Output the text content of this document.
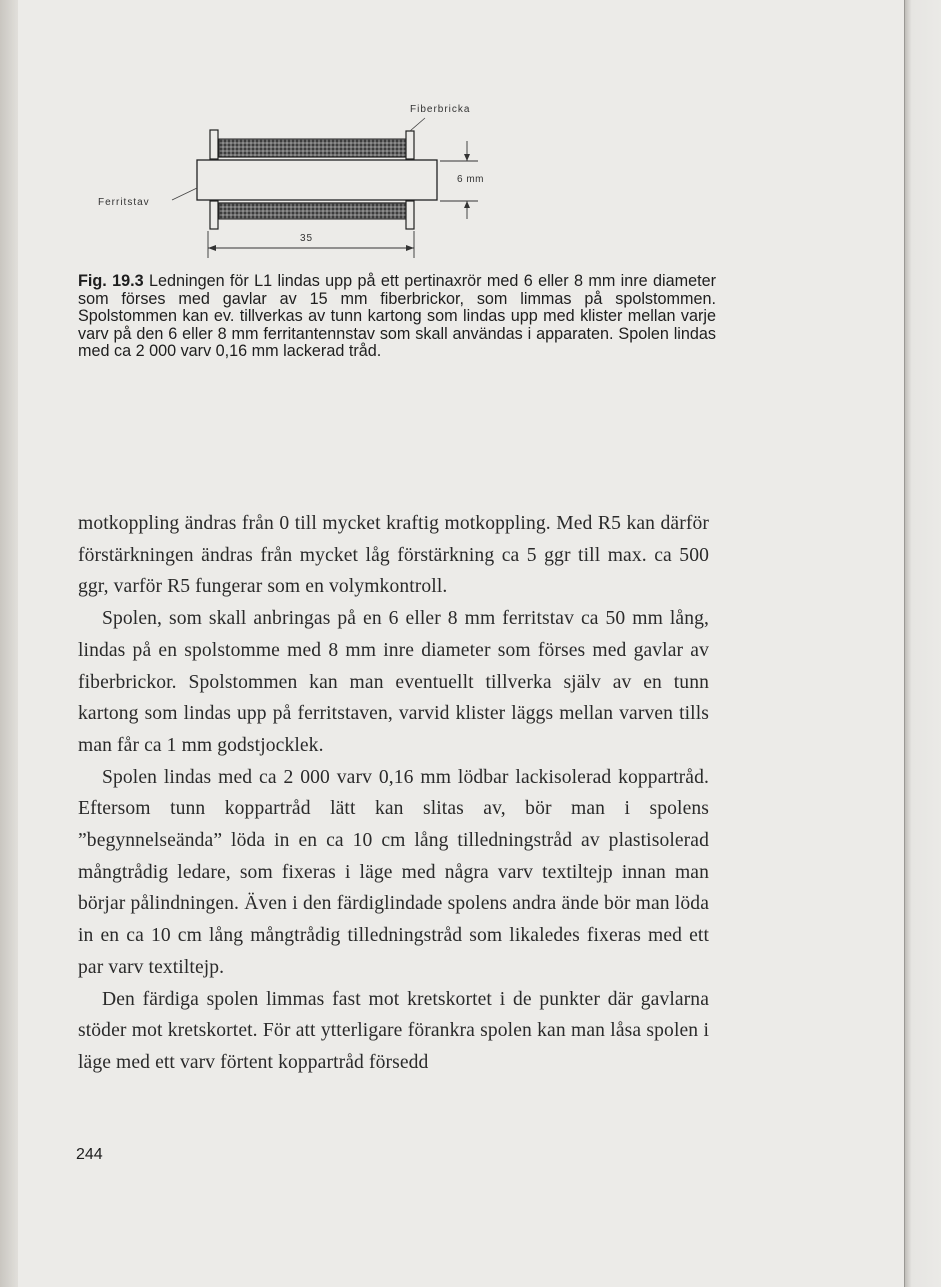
Fiberbricka
Ferritstav
6 mm
35
Fig. 19.3 Ledningen för L1 lindas upp på ett pertinaxrör med 6 eller 8 mm inre diameter som förses med gavlar av 15 mm fiberbrickor, som limmas på spolstommen. Spolstommen kan ev. tillverkas av tunn kartong som lindas upp med klister mellan varje varv på den 6 eller 8 mm ferritantennstav som skall användas i apparaten. Spolen lindas med ca 2 000 varv 0,16 mm lackerad tråd.

motkoppling ändras från 0 till mycket kraftig motkoppling. Med R5 kan därför förstärkningen ändras från mycket låg förstärkning ca 5 ggr till max. ca 500 ggr, varför R5 fungerar som en volymkontroll.

Spolen, som skall anbringas på en 6 eller 8 mm ferritstav ca 50 mm lång, lindas på en spolstomme med 8 mm inre diameter som förses med gavlar av fiberbrickor. Spolstommen kan man eventuellt tillverka själv av en tunn kartong som lindas upp på ferritstaven, varvid klister läggs mellan varven tills man får ca 1 mm godstjocklek.

Spolen lindas med ca 2 000 varv 0,16 mm lödbar lackisolerad koppartråd. Eftersom tunn koppartråd lätt kan slitas av, bör man i spolens ”begynnelseända” löda in en ca 10 cm lång tilledningstråd av plastisolerad mångtrådig ledare, som fixeras i läge med några varv textiltejp innan man börjar pålindningen. Även i den färdiglindade spolens andra ände bör man löda in en ca 10 cm lång mångtrådig tilledningstråd som likaledes fixeras med ett par varv textiltejp.

Den färdiga spolen limmas fast mot kretskortet i de punkter där gavlarna stöder mot kretskortet. För att ytterligare förankra spolen kan man låsa spolen i läge med ett varv förtent koppartråd försedd

244
